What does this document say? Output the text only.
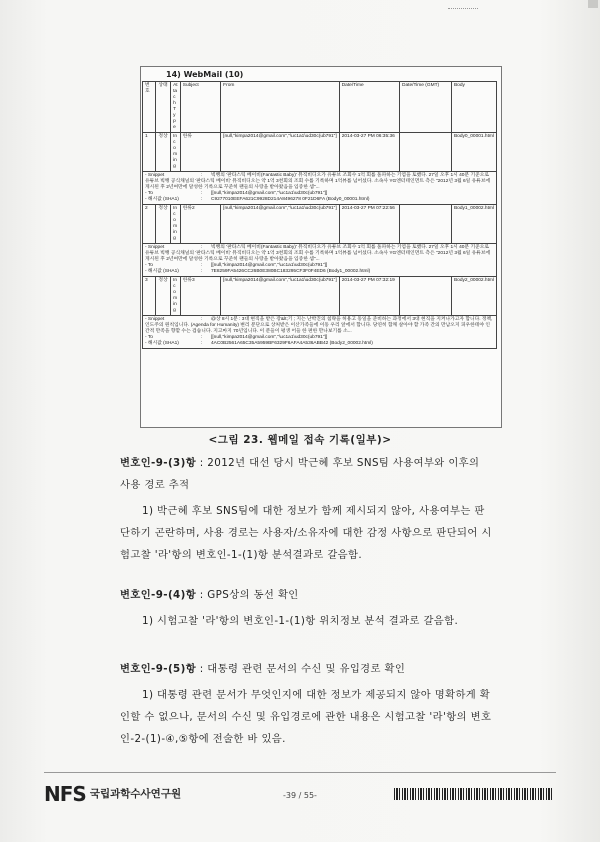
14) WebMail (10)
번호	상태	Attach Type	Subject	From	Date/Time	Date/Time (GMT)	Body
1	정상	Incoming	한류	[null,"kimpa2014@gmail.com","\uc1a1\ud30c(ub791"]	2014-03-27 PM 06:35:36		Body0_00001.html

- Snippet : 빅뱅의 '판타스틱 베이비(Fantastic Baby)' 뮤직비디오가 유튜브 조회수 1억 회를 돌파하는 기염을 토했다. 27일 오후 1시 40분 기준으로 유튜브 빅뱅 공식채널의 '판타스틱 베이비' 뮤직비디오는 약 1억 3천회의 조회 수를 기록하며 1억뷰를 넘어섰다. 소속사 YG엔터테인먼트 측은 "2012년 3월 6일 유튜브에 게시된 후 2년여만에 달성한 기록으로 꾸준히 팬들의 사랑을 받아왔음을 입증한 셈"...
- To : [[null,"kimpa2014@gmail.com","\uc1a1\ud30c(ub791"]]
- 해시값 (SHA1) : C9277010EEFA621C9928D214A8496278 0F21D6FA (Body0_00001.html)							

2	정상	Incoming	한류2	[null,"kimpa2014@gmail.com","\uc1a1\ud30c(ub791"]	2014-03-27 PM 07:22:56		Body1_00002.html

- Snippet : 빅뱅의 '판타스틱 베이비(Fantastic Baby)' 뮤직비디오가 유튜브 조회수 1억 회를 돌파하는 기염을 토했다. 27일 오후 1시 40분 기준으로 유튜브 빅뱅 공식채널의 '판타스틱 베이비' 뮤직비디오는 약 1억 3천회의 조회 수를 기록하며 1억뷰를 넘어섰다. 소속사 YG엔터테인먼트 측은 "2012년 3월 6일 유튜브에 게시된 후 2년여만에 달성한 기록으로 꾸준히 팬들의 사랑을 받아왔음을 입증한 셈"...
- To : [[null,"kimpa2014@gmail.com","\uc1a1\ud30c(ub791"]]
- 해시값 (SHA1) : 7E8259FA5426CC26B0E380BC183295CF3F0F4ED6 (Body1_00002.html)							

3	정상	Incoming	한류3	[null,"kimpa2014@gmail.com","\uc1a1\ud30c(ub791"]	2014-03-27 PM 07:32:19		Body2_00002.html

- Snippet : @상 8시 1분 : 3대 현직을 받은 장&lt;기 ; 지는 난박진의 침략을 허용고 동일을 준비하는 과정에서 3대 현직을 지켜나가고자 합니다. 정책, 인도주의 원칙입니다. (Agenda for Humanity) 변리 분단으로 상처받은 이산가족들에 이동 우리 앞에서 합니다. 당연히 함께 살아야 할 가족 간의 만남오지 피우한테야 인간적 만족을 향할 수는 겁습니다. 지고마지 70년입니다. 이 분들이 평생 어들 한 편한 만나보기를 소...
- To : [[null,"kimpa2014@gmail.com","\uc1a1\ud30c(ub791"]]
- 해시값 (SHA1) : 4AC0B2561A65C35A5959BF6329F6AFA4A536ABB42 (Body2_00002.html)							
<그림 23. 웹메일 접속 기록(일부)>
변호인-9-(3)항 : 2012년 대선 당시 박근혜 후보 SNS팀 사용여부와 이후의 사용 경로 추적
1) 박근혜 후보 SNS팀에 대한 정보가 함께 제시되지 않아, 사용여부는 판단하기 곤란하며, 사용 경로는 사용자/소유자에 대한 감정 사항으로 판단되어 시험고찰 '라'항의 변호인-1-(1)항 분석결과로 갈음함.
변호인-9-(4)항 : GPS상의 동선 확인
1) 시험고찰 '라'항의 변호인-1-(1)항 위치정보 분석 결과로 갈음함.
변호인-9-(5)항 : 대통령 관련 문서의 수신 및 유입경로 확인
1) 대통령 관련 문서가 무엇인지에 대한 정보가 제공되지 않아 명확하게 확인할 수 없으나, 문서의 수신 및 유입경로에 관한 내용은 시험고찰 '라'항의 변호인-2-(1)-④,⑤항에 전술한 바 있음.
NFS $^{국립과학수사연구원}$	-39 / 55-
